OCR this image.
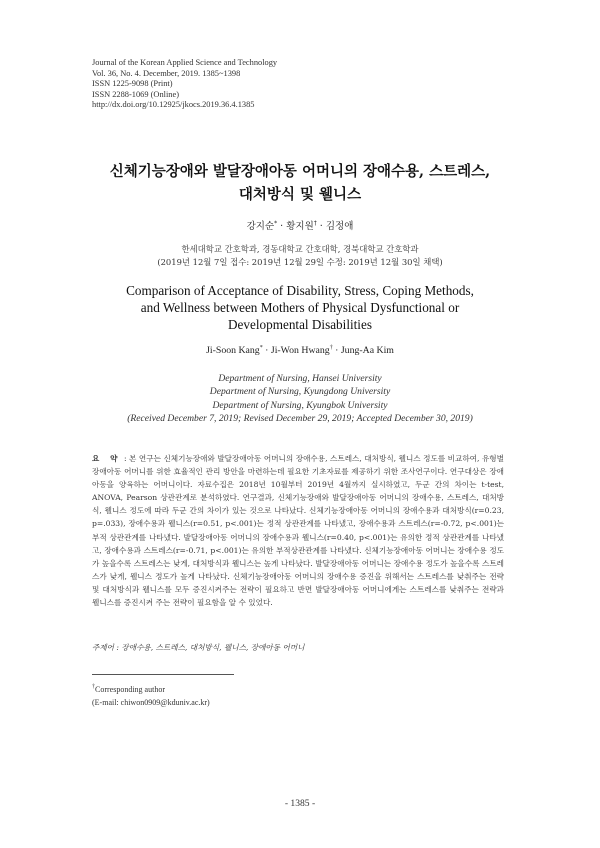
Journal of the Korean Applied Science and Technology
Vol. 36, No. 4. December, 2019. 1385~1398
ISSN 1225-9098 (Print)
ISSN 2288-1069 (Online)
http://dx.doi.org/10.12925/jkocs.2019.36.4.1385
신체기능장애와 발달장애아동 어머니의 장애수용, 스트레스,
대처방식 및 웰니스
강지순* · 황지원† · 김정애
한세대학교 간호학과, 경동대학교 간호대학, 경북대학교 간호학과
(2019년 12월 7일 접수: 2019년 12월 29일 수정: 2019년 12월 30일 채택)
Comparison of Acceptance of Disability, Stress, Coping Methods,
and Wellness between Mothers of Physical Dysfunctional or
Developmental Disabilities
Ji-Soon Kang* · Ji-Won Hwang† · Jung-Aa Kim
Department of Nursing, Hansei University
Department of Nursing, Kyungdong University
Department of Nursing, Kyungbok University
(Received December 7, 2019; Revised December 29, 2019; Accepted December 30, 2019)
요 약 : 본 연구는 신체기능장애와 발달장애아동 어머니의 장애수용, 스트레스, 대처방식, 웰니스 정도를 비교하여, 유형별 장애아동 어머니를 위한 효율적인 관리 방안을 마련하는데 필요한 기초자료를 제공하기 위한 조사연구이다. 연구대상은 장애아동을 양육하는 어머니이다. 자료수집은 2018년 10월부터 2019년 4월까지 실시하였고, 두군 간의 차이는 t-test, ANOVA, Pearson 상관관계로 분석하였다. 연구결과, 신체기능장애와 발달장애아동 어머니의 장애수용, 스트레스, 대처방식, 웰니스 정도에 따라 두군 간의 차이가 있는 것으로 나타났다. 신체기능장애아동 어머니의 장애수용과 대처방식(r=0.23, p=.033), 장애수용과 웰니스(r=0.51, p<.001)는 정적 상관관계를 나타냈고, 장애수용과 스트레스(r=-0.72, p<.001)는 부적 상관관계를 나타냈다. 발달장애아동 어머니의 장애수용과 웰니스(r=0.40, p<.001)는 유의한 정적 상관관계를 나타냈고, 장애수용과 스트레스(r=-0.71, p<.001)는 유의한 부적상관관계를 나타냈다. 신체기능장애아동 어머니는 장애수용 정도가 높을수록 스트레스는 낮게, 대처방식과 웰니스는 높게 나타났다. 발달장애아동 어머니는 장애수용 정도가 높을수록 스트레스가 낮게, 웰니스 정도가 높게 나타났다. 신체기능장애아동 어머니의 장애수용 증진을 위해서는 스트레스를 낮춰주는 전략 및 대처방식과 웰니스를 모두 증진시켜주는 전략이 필요하고 반면 발달장애아동 어머니에게는 스트레스를 낮춰주는 전략과 웰니스를 증진시켜 주는 전략이 필요함을 알 수 있었다.
주제어 : 장애수용, 스트레스, 대처방식, 웰니스, 장애아동 어머니
†Corresponding author
(E-mail: chiwon0909@kduniv.ac.kr)
- 1385 -
